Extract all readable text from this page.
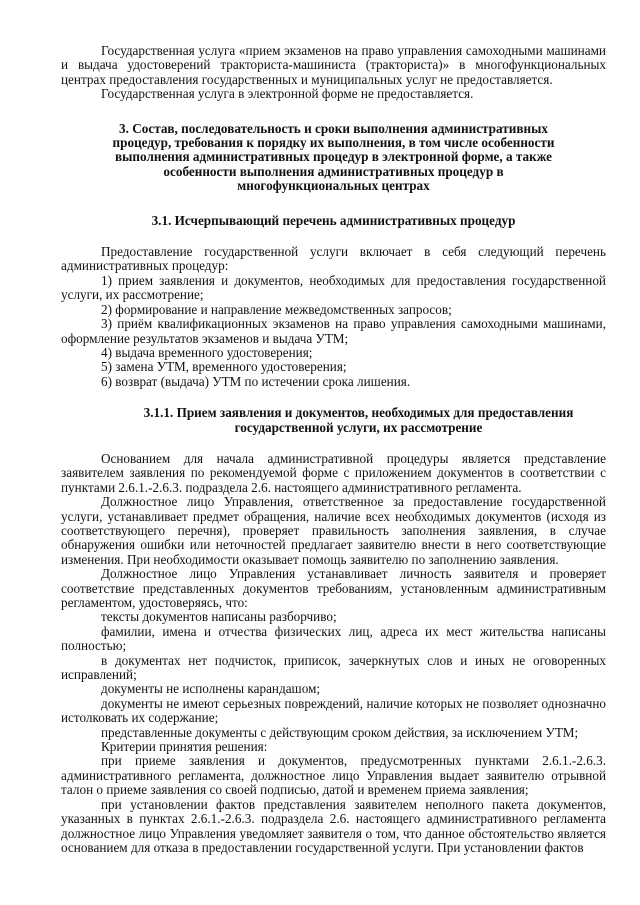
Государственная услуга «прием экзаменов на право управления самоходными машинами и выдача удостоверений тракториста-машиниста (тракториста)» в многофункциональных центрах предоставления государственных и муниципальных услуг не предоставляется.

Государственная услуга в электронной форме не предоставляется.

3. Состав, последовательность и сроки выполнения административных процедур, требования к порядку их выполнения, в том числе особенности выполнения административных процедур в электронной форме, а также особенности выполнения административных процедур в многофункциональных центрах

3.1. Исчерпывающий перечень административных процедур

Предоставление государственной услуги включает в себя следующий перечень административных процедур:

1) прием заявления и документов, необходимых для предоставления государственной услуги, их рассмотрение;

2) формирование и направление межведомственных запросов;

3) приём квалификационных экзаменов на право управления самоходными машинами, оформление результатов экзаменов и выдача УТМ;

4) выдача временного удостоверения;

5) замена УТМ, временного удостоверения;

6) возврат (выдача) УТМ по истечении срока лишения.

3.1.1. Прием заявления и документов, необходимых для предоставления государственной услуги, их рассмотрение

Основанием для начала административной процедуры является представление заявителем заявления по рекомендуемой форме с приложением документов в соответствии с пунктами 2.6.1.-2.6.3. подраздела 2.6. настоящего административного регламента.

Должностное лицо Управления, ответственное за предоставление государственной услуги, устанавливает предмет обращения, наличие всех необходимых документов (исходя из соответствующего перечня), проверяет правильность заполнения заявления, в случае обнаружения ошибки или неточностей предлагает заявителю внести в него соответствующие изменения. При необходимости оказывает помощь заявителю по заполнению заявления.

Должностное лицо Управления устанавливает личность заявителя и проверяет соответствие представленных документов требованиям, установленным административным регламентом, удостоверяясь, что:

тексты документов написаны разборчиво;

фамилии, имена и отчества физических лиц, адреса их мест жительства написаны полностью;

в документах нет подчисток, приписок, зачеркнутых слов и иных не оговоренных исправлений;

документы не исполнены карандашом;

документы не имеют серьезных повреждений, наличие которых не позволяет однозначно истолковать их содержание;

представленные документы с действующим сроком действия, за исключением УТМ;

Критерии принятия решения:

при приеме заявления и документов, предусмотренных пунктами 2.6.1.-2.6.3. административного регламента, должностное лицо Управления выдает заявителю отрывной талон о приеме заявления со своей подписью, датой и временем приема заявления;

при установлении фактов представления заявителем неполного пакета документов, указанных в пунктах 2.6.1.-2.6.3. подраздела 2.6. настоящего административного регламента должностное лицо Управления уведомляет заявителя о том, что данное обстоятельство является основанием для отказа в предоставлении государственной услуги. При установлении фактов
